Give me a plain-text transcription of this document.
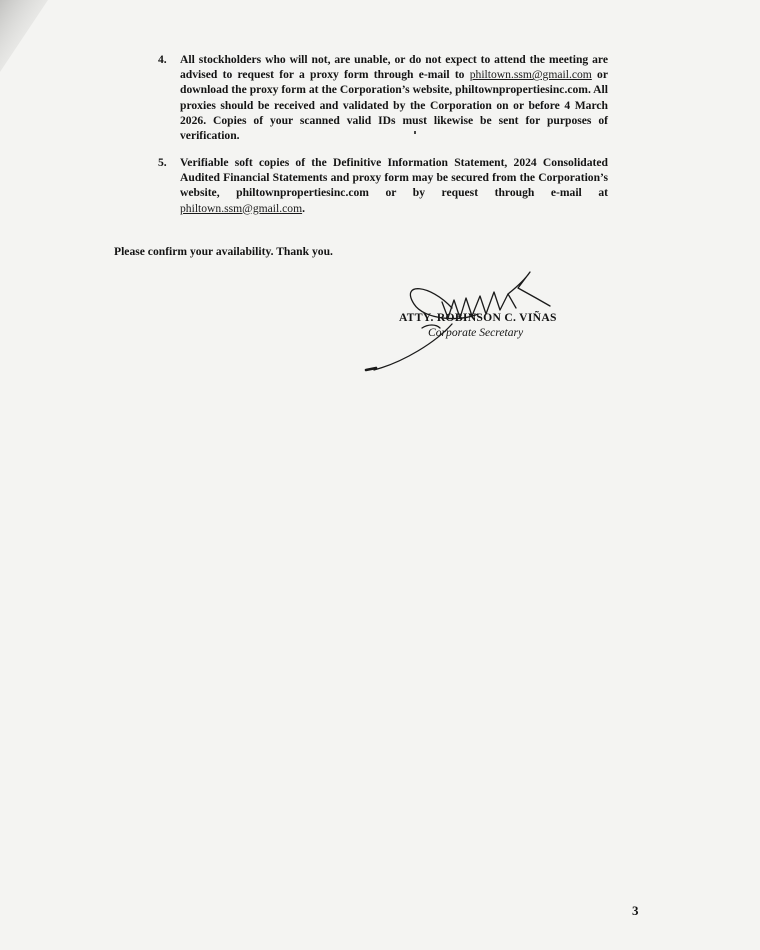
4. All stockholders who will not, are unable, or do not expect to attend the meeting are advised to request for a proxy form through e-mail to philtown.ssm@gmail.com or download the proxy form at the Corporation’s website, philtownpropertiesinc.com. All proxies should be received and validated by the Corporation on or before 4 March 2026. Copies of your scanned valid IDs must likewise be sent for purposes of verification.
5. Verifiable soft copies of the Definitive Information Statement, 2024 Consolidated Audited Financial Statements and proxy form may be secured from the Corporation’s website, philtownpropertiesinc.com or by request through e-mail at philtown.ssm@gmail.com.
Please confirm your availability. Thank you.
ATTY. ROBINSON C. VIÑAS
Corporate Secretary
3
